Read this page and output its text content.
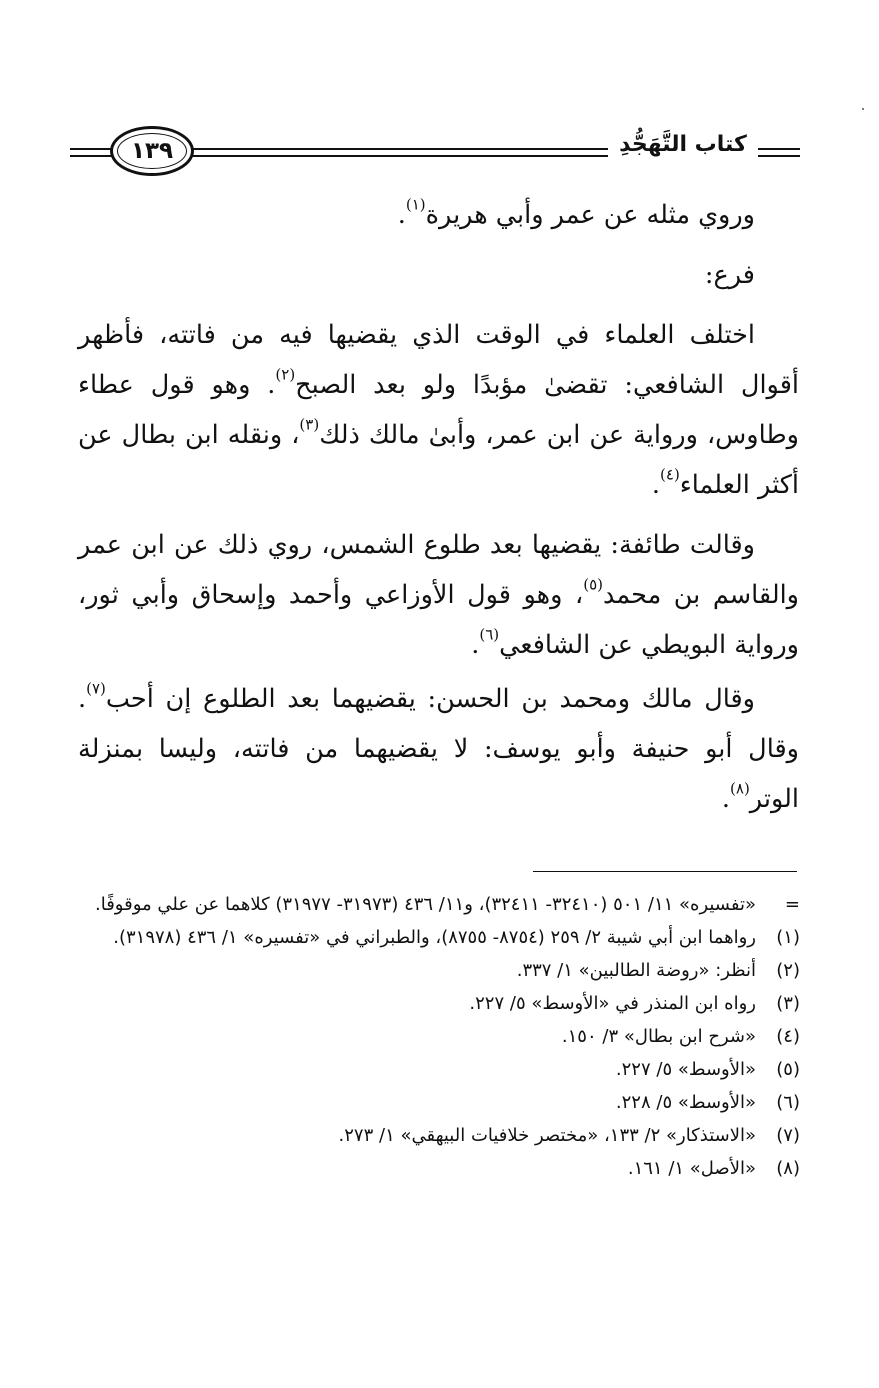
١٣٩	كتاب التَّهَجُّدِ

وروي مثله عن عمر وأبي هريرة$^{(١)}$.

فرع:

اختلف العلماء في الوقت الذي يقضيها فيه من فاتته، فأظهر أقوال الشافعي: تقضىٰ مؤبدًا ولو بعد الصبح$^{(٢)}$. وهو قول عطاء وطاوس، ورواية عن ابن عمر، وأبىٰ مالك ذلك$^{(٣)}$، ونقله ابن بطال عن أكثر العلماء$^{(٤)}$.

وقالت طائفة: يقضيها بعد طلوع الشمس، روي ذلك عن ابن عمر والقاسم بن محمد$^{(٥)}$، وهو قول الأوزاعي وأحمد وإسحاق وأبي ثور، ورواية البويطي عن الشافعي$^{(٦)}$.

وقال مالك ومحمد بن الحسن: يقضيهما بعد الطلوع إن أحب$^{(٧)}$. وقال أبو حنيفة وأبو يوسف: لا يقضيهما من فاتته، وليسا بمنزلة الوتر$^{(٨)}$.

=
«تفسيره» ١١/ ٥٠١ (٣٢٤١٠- ٣٢٤١١)، و١١/ ٤٣٦ (٣١٩٧٣- ٣١٩٧٧) كلاهما عن علي موقوفًا.
(١)
رواهما ابن أبي شيبة ٢/ ٢٥٩ (٨٧٥٤- ٨٧٥٥)، والطبراني في «تفسيره» ١/ ٤٣٦ (٣١٩٧٨).
(٢)
أنظر: «روضة الطالبين» ١/ ٣٣٧.
(٣)
رواه ابن المنذر في «الأوسط» ٥/ ٢٢٧.
(٤)
«شرح ابن بطال» ٣/ ١٥٠.
(٥)
«الأوسط» ٥/ ٢٢٧.
(٦)
«الأوسط» ٥/ ٢٢٨.
(٧)
«الاستذكار» ٢/ ١٣٣، «مختصر خلافيات البيهقي» ١/ ٢٧٣.
(٨)
«الأصل» ١/ ١٦١.
